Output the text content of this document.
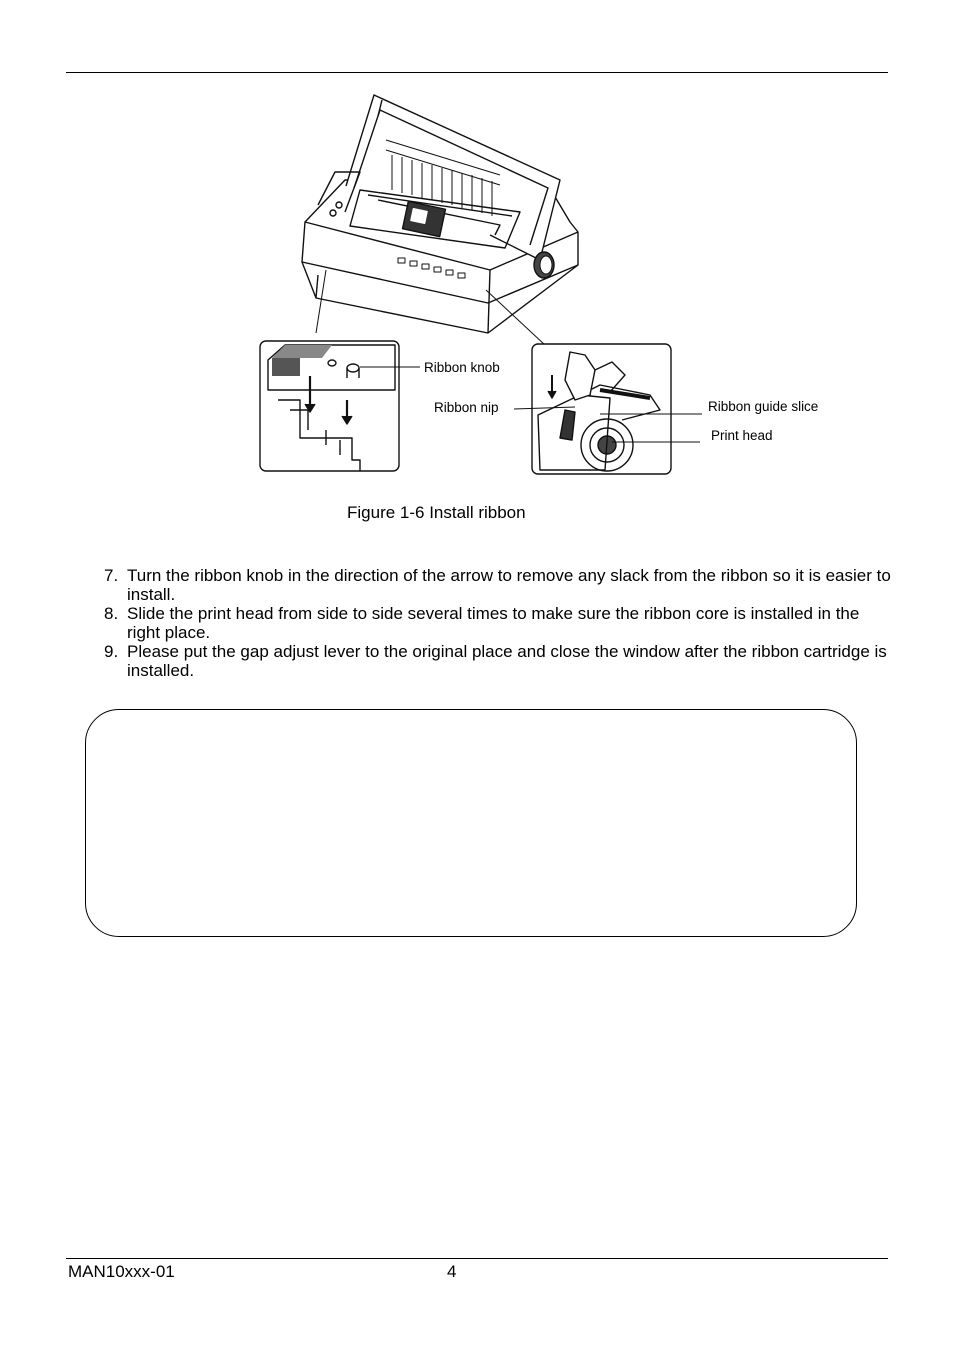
Ribbon knob
Ribbon nip	Ribbon guide slice
Print head
Figure 1-6 Install ribbon
7. Turn the ribbon knob in the direction of the arrow to remove any slack from the ribbon so it is easier to install.
8. Slide the print head from side to side several times to make sure the ribbon core is installed in the right place.
9. Please put the gap adjust lever to the original place and close the window after the ribbon cartridge is installed.
MAN10xxx-01	4
